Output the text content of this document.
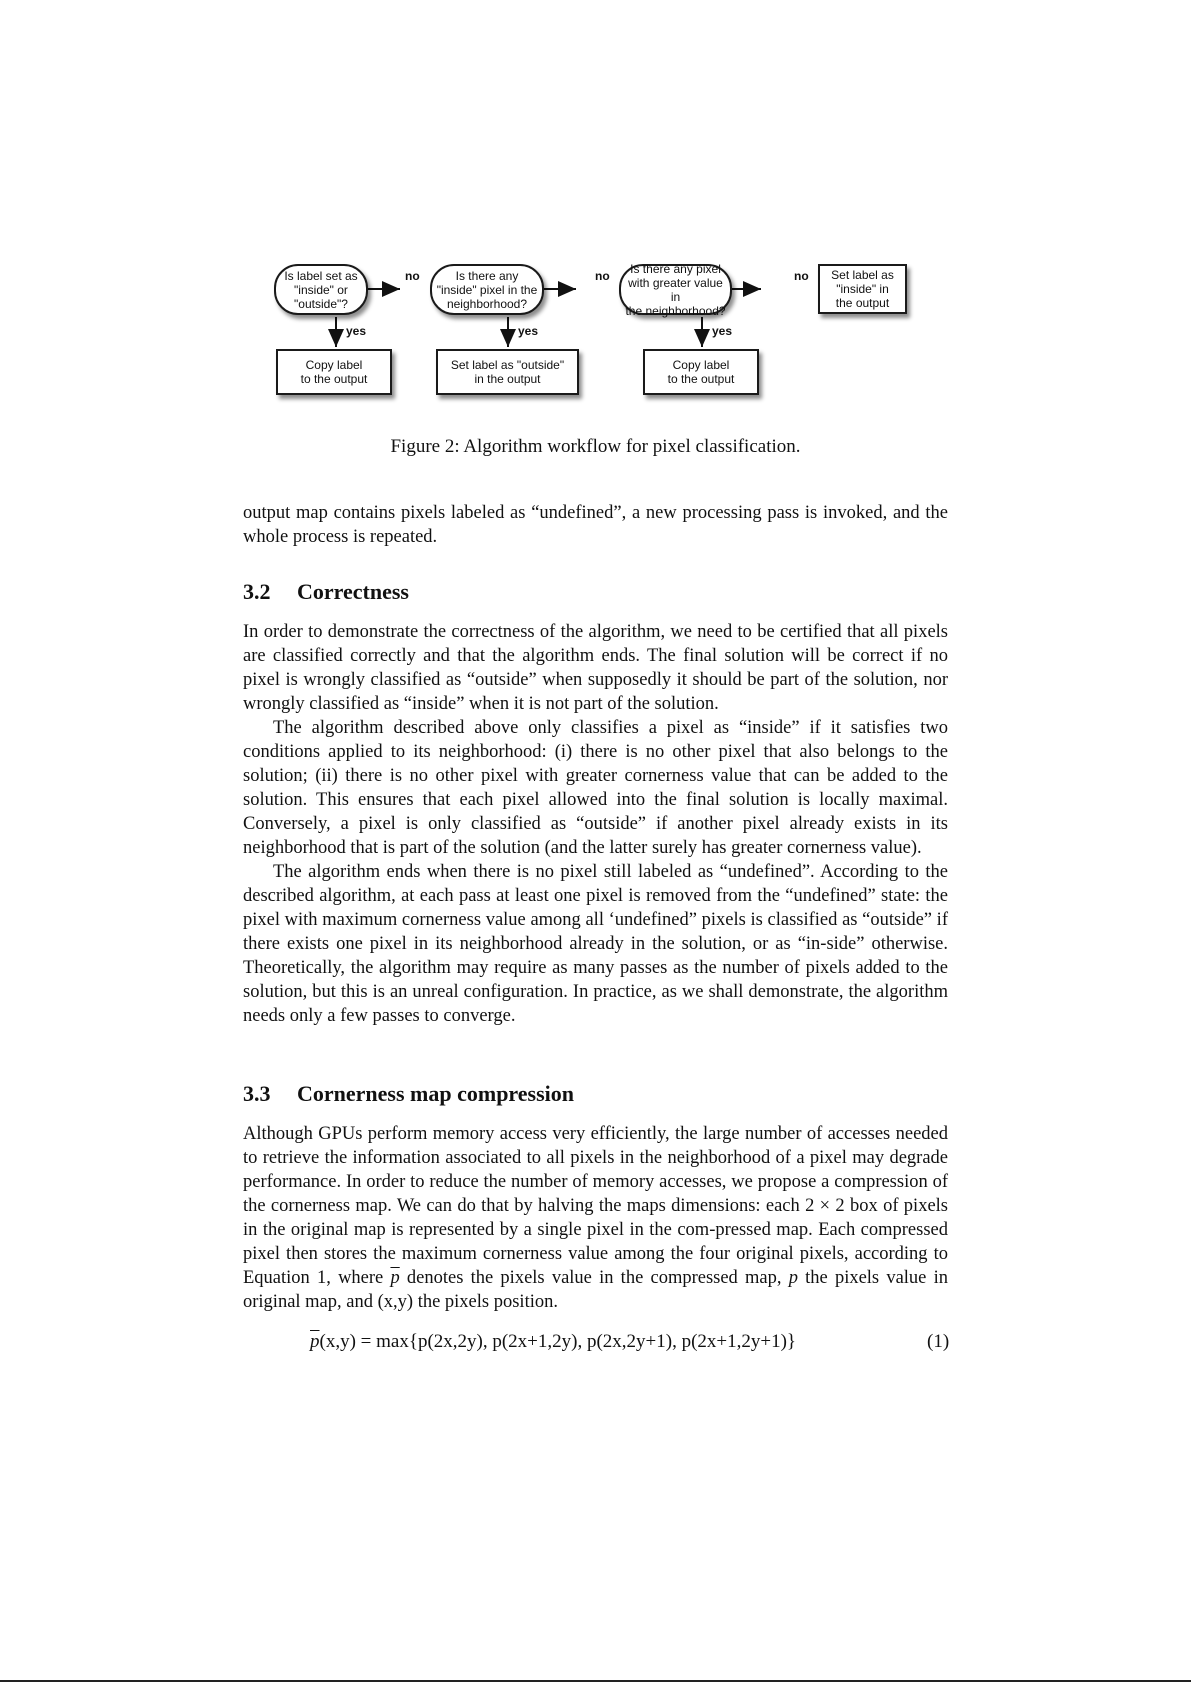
Is label set as
"inside" or
"outside"?
Is there any
"inside" pixel in the
neighborhood?
Is there any pixel
with greater value in
the neighborhood?
Set label as
"inside" in
the output
Copy label
to the output
Set label as "outside"
in the output
Copy label
to the output
no	no	no
yes	yes	yes
Figure 2: Algorithm workflow for pixel classification.

output map contains pixels labeled as “undefined”, a new processing pass is invoked, and the whole process is repeated.

3.2 Correctness

In order to demonstrate the correctness of the algorithm, we need to be certified that all pixels are classified correctly and that the algorithm ends. The final solution will be correct if no pixel is wrongly classified as “outside” when supposedly it should be part of the solution, nor wrongly classified as “inside” when it is not part of the solution.

The algorithm described above only classifies a pixel as “inside” if it satisfies two conditions applied to its neighborhood: (i) there is no other pixel that also belongs to the solution; (ii) there is no other pixel with greater cornerness value that can be added to the solution. This ensures that each pixel allowed into the final solution is locally maximal. Conversely, a pixel is only classified as “outside” if another pixel already exists in its neighborhood that is part of the solution (and the latter surely has greater cornerness value).

The algorithm ends when there is no pixel still labeled as “undefined”. According to the described algorithm, at each pass at least one pixel is removed from the “undefined” state: the pixel with maximum cornerness value among all ‘undefined” pixels is classified as “outside” if there exists one pixel in its neighborhood already in the solution, or as “in-side” otherwise. Theoretically, the algorithm may require as many passes as the number of pixels added to the solution, but this is an unreal configuration. In practice, as we shall demonstrate, the algorithm needs only a few passes to converge.

3.3 Cornerness map compression

Although GPUs perform memory access very efficiently, the large number of accesses needed to retrieve the information associated to all pixels in the neighborhood of a pixel may degrade performance. In order to reduce the number of memory accesses, we propose a compression of the cornerness map. We can do that by halving the maps dimensions: each 2 × 2 box of pixels in the original map is represented by a single pixel in the com-pressed map. Each compressed pixel then stores the maximum cornerness value among the four original pixels, according to Equation 1, where $\overline{p}$ denotes the pixels value in the compressed map, p the pixels value in original map, and (x,y) the pixels position.

$\overline{p}(x,y) = \max\{p(2x,2y)$, p(2x+1,2y), p(2x,2y+1), p(2x+1,2y+1)}	(1)
